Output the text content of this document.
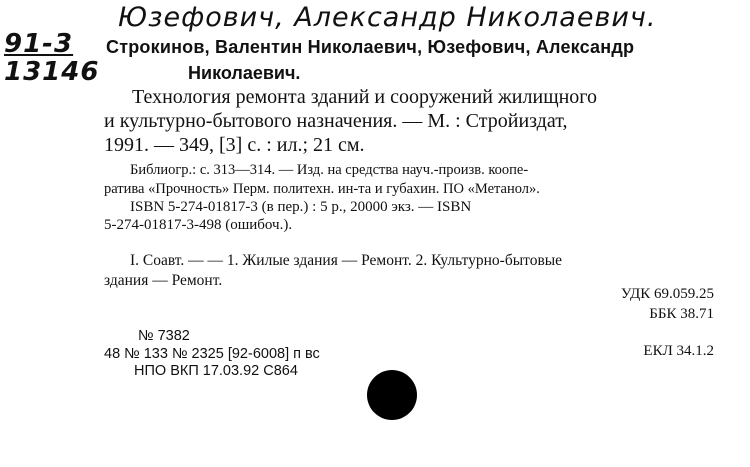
Юзефович, Александр Николаевич.
91-3
13146
Строкинов, Валентин Николаевич, Юзефович, Александр
Николаевич.
Технология ремонта зданий и сооружений жилищного
и культурно-бытового назначения. — М. : Стройиздат,
1991. — 349, [3] с. : ил.; 21 см.
Библиогр.: с. 313—314. — Изд. на средства науч.-произв. коопе-
ратива «Прочность» Перм. политехн. ин-та и губахин. ПО «Метанол».
ISBN 5-274-01817-3 (в пер.) : 5 р., 20000 экз. — ISBN
5-274-01817-3-498 (ошибоч.).
I. Соавт. — — 1. Жилые здания — Ремонт. 2. Культурно-бытовые
здания — Ремонт.
УДК 69.059.25
ББК 38.71
ЕКЛ 34.1.2
№ 7382
48 № 133 № 2325 [92-6008] п вс
НПО ВКП 17.03.92 С864
